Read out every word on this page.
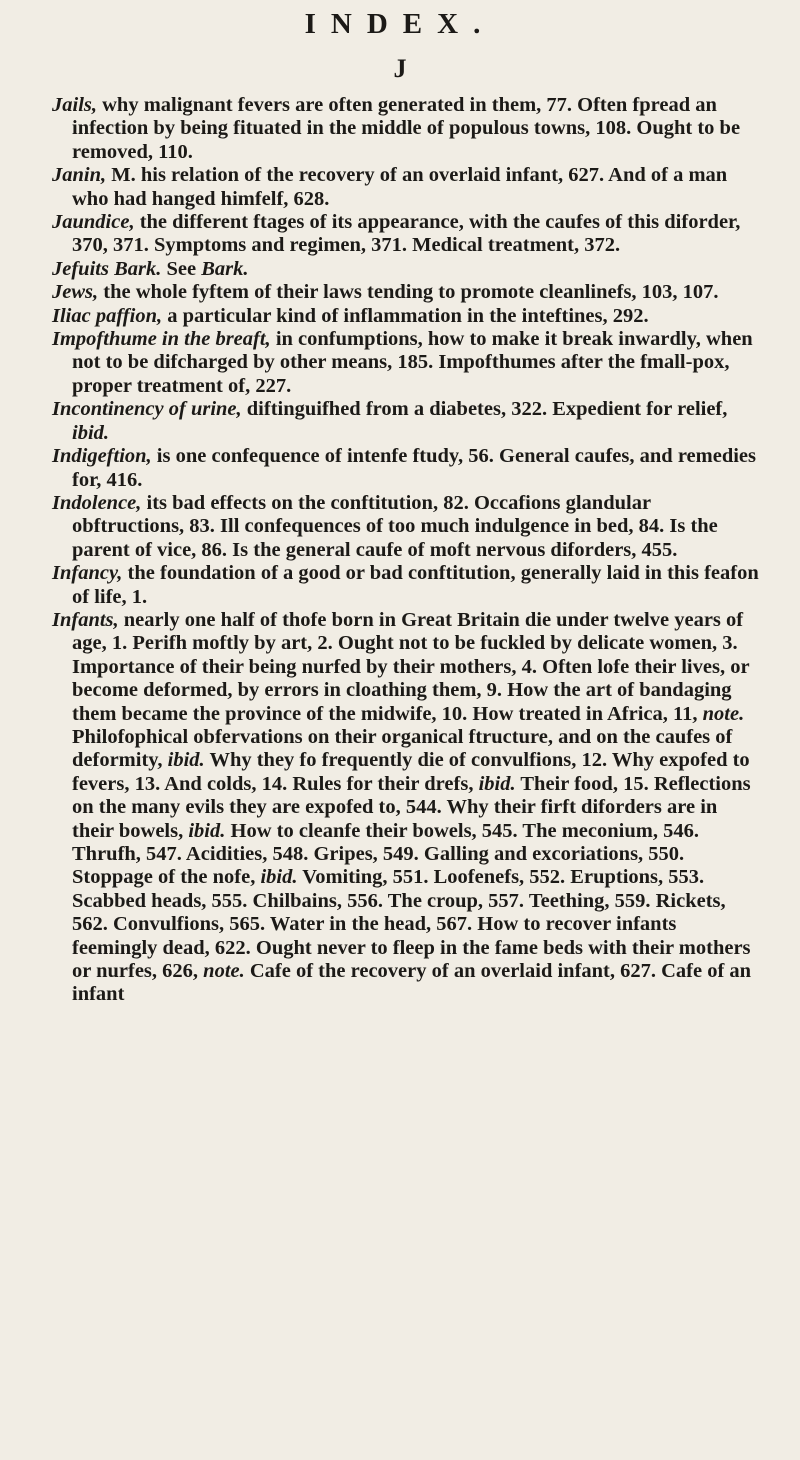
INDEX.
J

Jails, why malignant fevers are often generated in them, 77. Often fpread an infection by being fituated in the middle of populous towns, 108. Ought to be removed, 110.

Janin, M. his relation of the recovery of an overlaid infant, 627. And of a man who had hanged himfelf, 628.

Jaundice, the different ftages of its appearance, with the caufes of this diforder, 370, 371. Symptoms and regimen, 371. Medical treatment, 372.

Jefuits Bark. See Bark.

Jews, the whole fyftem of their laws tending to promote cleanlinefs, 103, 107.

Iliac paffion, a particular kind of inflammation in the inteftines, 292.

Impofthume in the breaft, in confumptions, how to make it break inwardly, when not to be difcharged by other means, 185. Impofthumes after the fmall-pox, proper treatment of, 227.

Incontinency of urine, diftinguifhed from a diabetes, 322. Expedient for relief, ibid.

Indigeftion, is one confequence of intenfe ftudy, 56. General caufes, and remedies for, 416.

Indolence, its bad effects on the conftitution, 82. Occafions glandular obftructions, 83. Ill confequences of too much indulgence in bed, 84. Is the parent of vice, 86. Is the general caufe of moft nervous diforders, 455.

Infancy, the foundation of a good or bad conftitution, generally laid in this feafon of life, 1.

Infants, nearly one half of thofe born in Great Britain die under twelve years of age, 1. Perifh moftly by art, 2. Ought not to be fuckled by delicate women, 3. Importance of their being nurfed by their mothers, 4. Often lofe their lives, or become deformed, by errors in cloathing them, 9. How the art of bandaging them became the province of the midwife, 10. How treated in Africa, 11, note. Philofophical obfervations on their organical ftructure, and on the caufes of deformity, ibid. Why they fo frequently die of convulfions, 12. Why expofed to fevers, 13. And colds, 14. Rules for their drefs, ibid. Their food, 15. Reflections on the many evils they are expofed to, 544. Why their firft diforders are in their bowels, ibid. How to cleanfe their bowels, 545. The meconium, 546. Thrufh, 547. Acidities, 548. Gripes, 549. Galling and excoriations, 550. Stoppage of the nofe, ibid. Vomiting, 551. Loofenefs, 552. Eruptions, 553. Scabbed heads, 555. Chilbains, 556. The croup, 557. Teething, 559. Rickets, 562. Convulfions, 565. Water in the head, 567. How to recover infants feemingly dead, 622. Ought never to fleep in the fame beds with their mothers or nurfes, 626, note. Cafe of the recovery of an overlaid infant, 627. Cafe of an infant
